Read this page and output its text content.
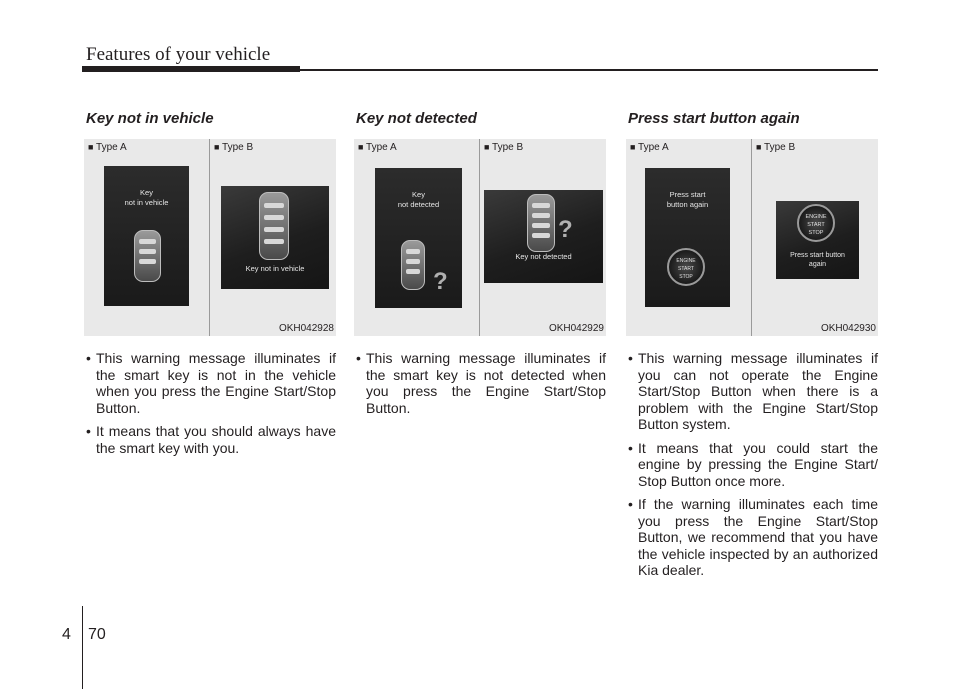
Features of your vehicle
Key not in vehicle
■ Type A	■ Type B
Key
not in vehicle
Key not in vehicle
OKH042928
• This warning message illuminates if the smart key is not in the vehicle when you press the Engine Start/Stop Button.
• It means that you should always have the smart key with you.
Key not detected
■ Type A	■ Type B
Key
not detected
?
?
Key not detected
OKH042929
• This warning message illuminates if the smart key is not detected when you press the Engine Start/Stop Button.
Press start button again
■ Type A	■ Type B
Press start
button again
ENGINE
START
STOP
ENGINE
START
STOP
Press start button
again
OKH042930
• This warning message illuminates if you can not operate the Engine Start/Stop Button when there is a problem with the Engine Start/Stop Button system.
• It means that you could start the engine by pressing the Engine Start/ Stop Button once more.
• If the warning illuminates each time you press the Engine Start/Stop Button, we recommend that you have the vehicle inspected by an authorized Kia dealer.
4 70
